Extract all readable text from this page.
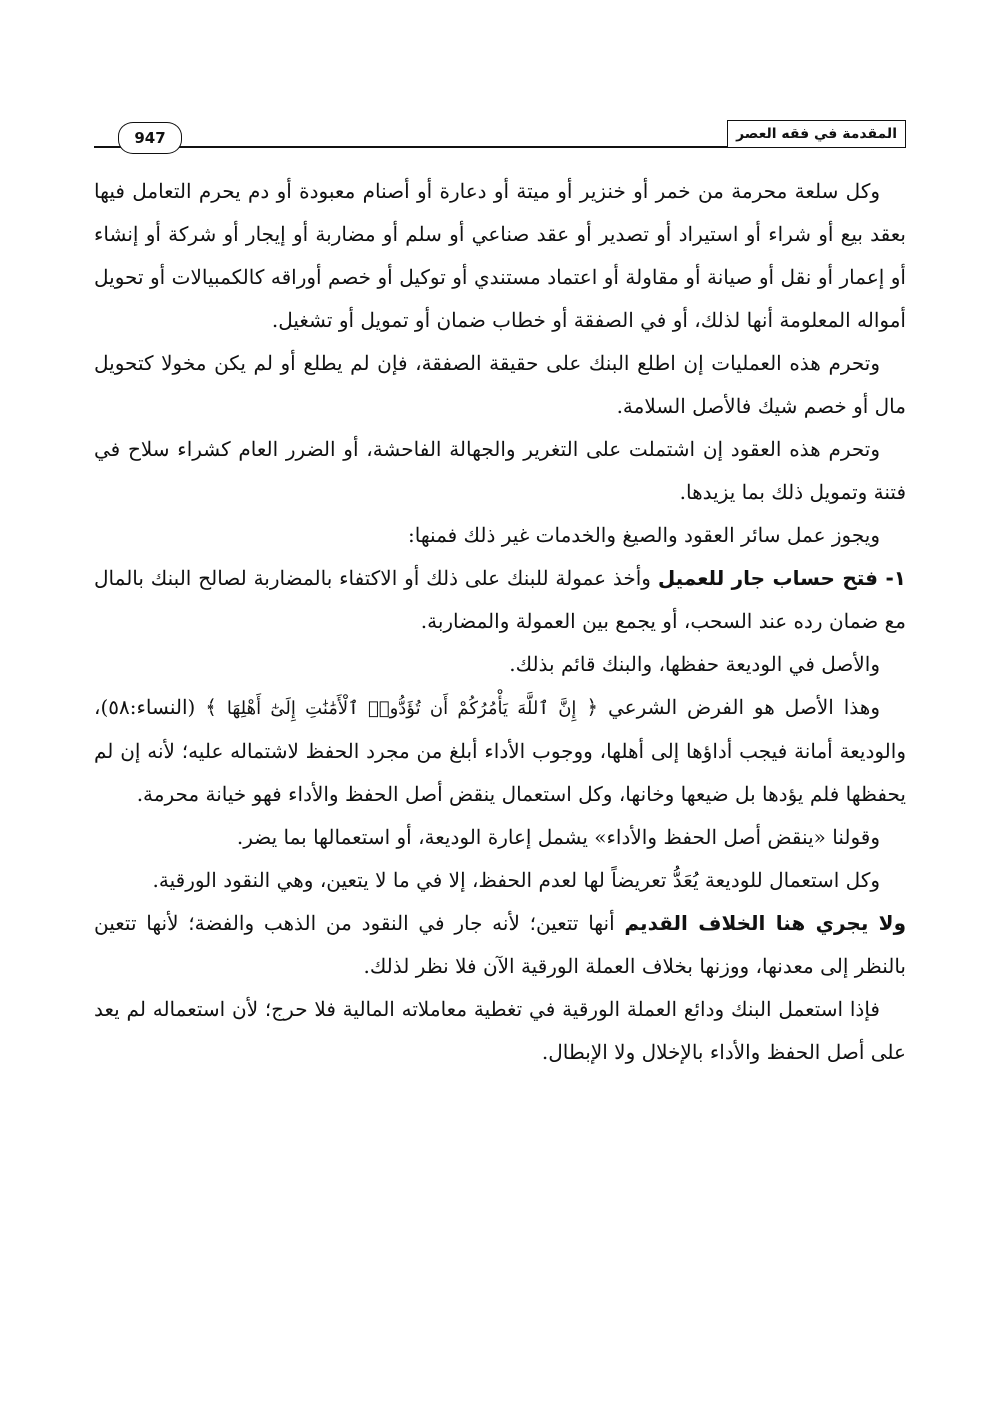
947	المقدمة في فقه العصر

وكل سلعة محرمة من خمر أو خنزير أو ميتة أو دعارة أو أصنام معبودة أو دم يحرم التعامل فيها بعقد بيع أو شراء أو استيراد أو تصدير أو عقد صناعي أو سلم أو مضاربة أو إيجار أو شركة أو إنشاء أو إعمار أو نقل أو صيانة أو مقاولة أو اعتماد مستندي أو توكيل أو خصم أوراقه كالكمبيالات أو تحويل أمواله المعلومة أنها لذلك، أو في الصفقة أو خطاب ضمان أو تمويل أو تشغيل.

وتحرم هذه العمليات إن اطلع البنك على حقيقة الصفقة، فإن لم يطلع أو لم يكن مخولا كتحويل مال أو خصم شيك فالأصل السلامة.

وتحرم هذه العقود إن اشتملت على التغرير والجهالة الفاحشة، أو الضرر العام كشراء سلاح في فتنة وتمويل ذلك بما يزيدها.

ويجوز عمل سائر العقود والصيغ والخدمات غير ذلك فمنها:

١- فتح حساب جار للعميل وأخذ عمولة للبنك على ذلك أو الاكتفاء بالمضاربة لصالح البنك بالمال مع ضمان رده عند السحب، أو يجمع بين العمولة والمضاربة.

والأصل في الوديعة حفظها، والبنك قائم بذلك.

وهذا الأصل هو الفرض الشرعي ﴿ إِنَّ ٱللَّهَ يَأْمُرُكُمْ أَن تُؤَدُّوا۟ ٱلْأَمَٰنَٰتِ إِلَىٰٓ أَهْلِهَا ﴾ (النساء:٥٨)، والوديعة أمانة فيجب أداؤها إلى أهلها، ووجوب الأداء أبلغ من مجرد الحفظ لاشتماله عليه؛ لأنه إن لم يحفظها فلم يؤدها بل ضيعها وخانها، وكل استعمال ينقض أصل الحفظ والأداء فهو خيانة محرمة.

وقولنا «ينقض أصل الحفظ والأداء» يشمل إعارة الوديعة، أو استعمالها بما يضر.

وكل استعمال للوديعة يُعَدُّ تعريضاً لها لعدم الحفظ، إلا في ما لا يتعين، وهي النقود الورقية.

ولا يجري هنا الخلاف القديم أنها تتعين؛ لأنه جار في النقود من الذهب والفضة؛ لأنها تتعين بالنظر إلى معدنها، ووزنها بخلاف العملة الورقية الآن فلا نظر لذلك.

فإذا استعمل البنك ودائع العملة الورقية في تغطية معاملاته المالية فلا حرج؛ لأن استعماله لم يعد على أصل الحفظ والأداء بالإخلال ولا الإبطال.
